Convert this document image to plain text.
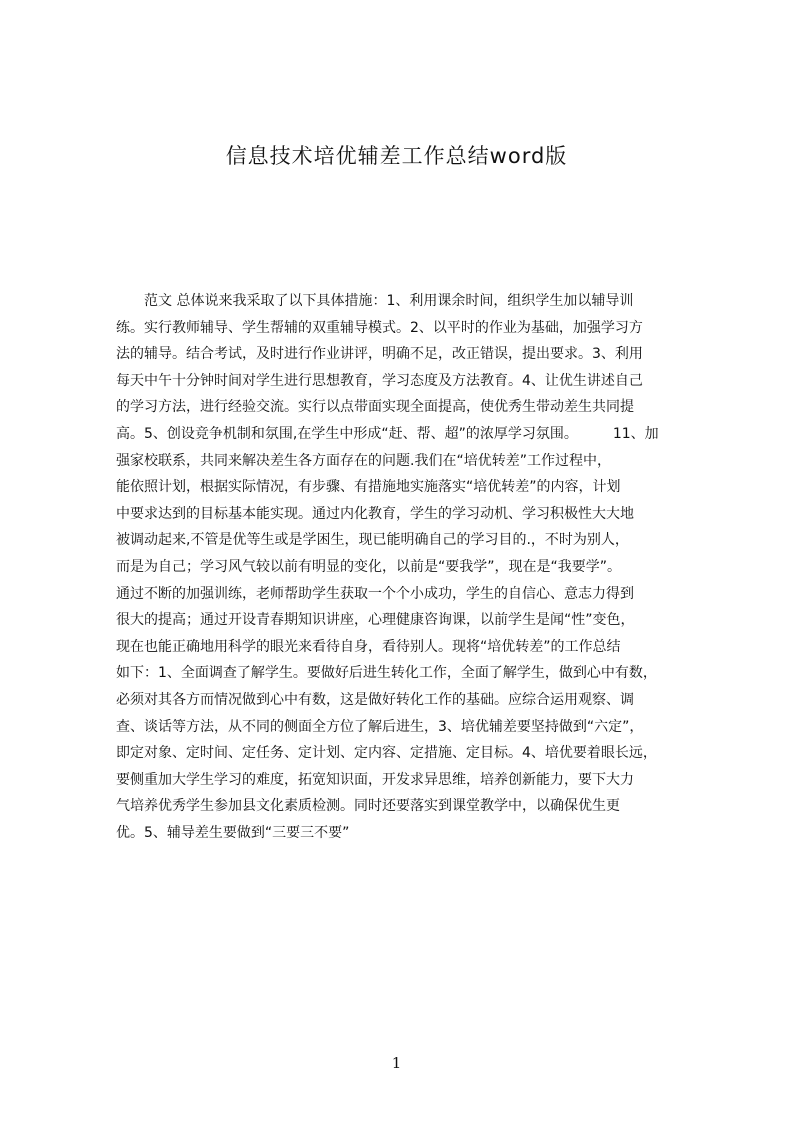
信息技术培优辅差工作总结word版
　　范文 总体说来我采取了以下具体措施：1、利用课余时间，组织学生加以辅导训
练。实行教师辅导、学生帮辅的双重辅导模式。2、以平时的作业为基础，加强学习方
法的辅导。结合考试，及时进行作业讲评，明确不足，改正错误，提出要求。3、利用
每天中午十分钟时间对学生进行思想教育，学习态度及方法教育。4、让优生讲述自己
的学习方法，进行经验交流。实行以点带面实现全面提高，使优秀生带动差生共同提
高。5、创设竞争机制和氛围,在学生中形成“赶、帮、超”的浓厚学习氛围。　　　11、加
强家校联系，共同来解决差生各方面存在的问题.我们在“培优转差”工作过程中，
能依照计划，根据实际情况，有步骤、有措施地实施落实“培优转差”的内容，计划
中要求达到的目标基本能实现。通过内化教育，学生的学习动机、学习积极性大大地
被调动起来,不管是优等生或是学困生，现已能明确自己的学习目的.，不时为别人，
而是为自己；学习风气较以前有明显的变化，以前是“要我学”，现在是“我要学”。
通过不断的加强训练，老师帮助学生获取一个个小成功，学生的自信心、意志力得到
很大的提高；通过开设青春期知识讲座，心理健康咨询课，以前学生是闻“性”变色，
现在也能正确地用科学的眼光来看待自身，看待别人。现将“培优转差”的工作总结
如下：1、全面调查了解学生。要做好后进生转化工作，全面了解学生，做到心中有数，
必须对其各方而情况做到心中有数，这是做好转化工作的基础。应综合运用观察、调
查、谈话等方法，从不同的侧面全方位了解后进生，3、培优辅差要坚持做到“六定”，
即定对象、定时间、定任务、定计划、定内容、定措施、定目标。4、培优要着眼长远，
要侧重加大学生学习的难度，拓宽知识面，开发求异思维，培养创新能力，要下大力
气培养优秀学生参加县文化素质检测。同时还要落实到课堂教学中，以确保优生更
优。5、辅导差生要做到“三要三不要”
1
